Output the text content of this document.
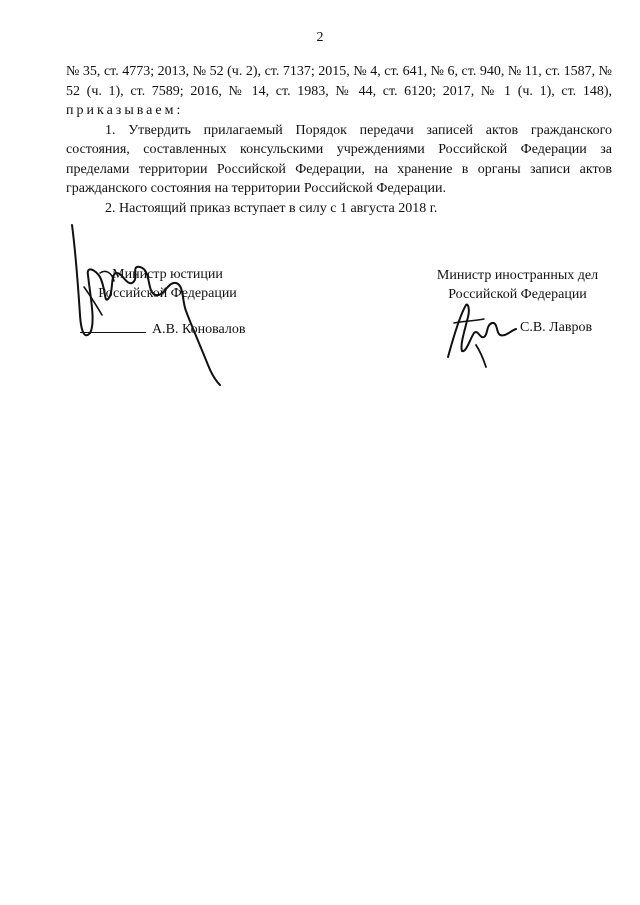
2

№ 35, ст. 4773; 2013, № 52 (ч. 2), ст. 7137; 2015, № 4, ст. 641, № 6, ст. 940, № 11, ст. 1587, № 52 (ч. 1), ст. 7589; 2016, № 14, ст. 1983, № 44, ст. 6120; 2017, № 1 (ч. 1), ст. 148), приказываем:

1. Утвердить прилагаемый Порядок передачи записей актов гражданского состояния, составленных консульскими учреждениями Российской Федерации за пределами территории Российской Федерации, на хранение в органы записи актов гражданского состояния на территории Российской Федерации.

2. Настоящий приказ вступает в силу с 1 августа 2018 г.

Министр юстиции
Российской Федерации
А.В. Коновалов
Министр иностранных дел
Российской Федерации
С.В. Лавров
